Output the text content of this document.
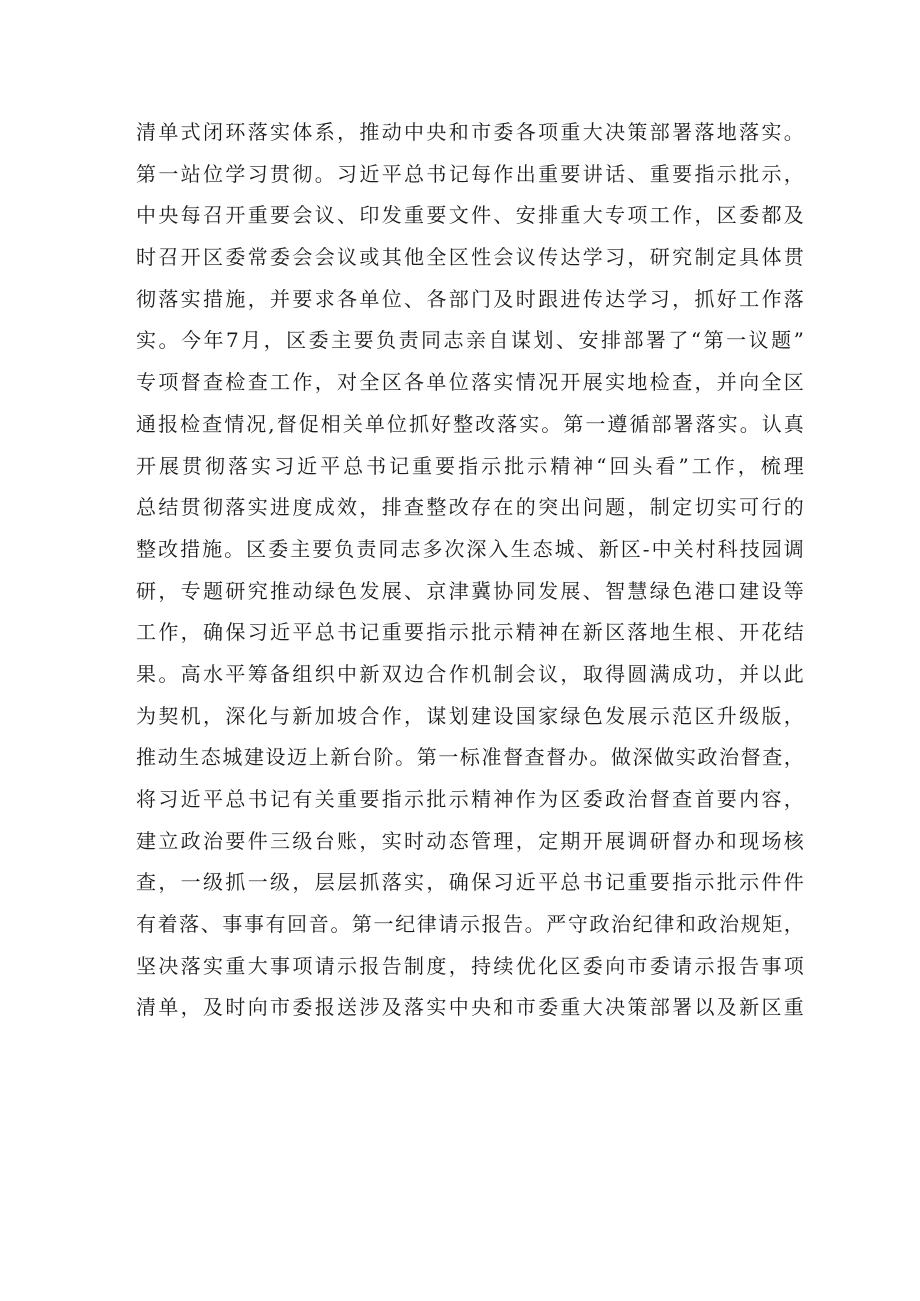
清单式闭环落实体系，推动中央和市委各项重大决策部署落地落实。
第一站位学习贯彻。习近平总书记每作出重要讲话、重要指示批示，
中央每召开重要会议、印发重要文件、安排重大专项工作，区委都及
时召开区委常委会会议或其他全区性会议传达学习，研究制定具体贯
彻落实措施，并要求各单位、各部门及时跟进传达学习，抓好工作落
实。今年7月，区委主要负责同志亲自谋划、安排部署了“第一议题”
专项督查检查工作，对全区各单位落实情况开展实地检查，并向全区
通报检查情况,督促相关单位抓好整改落实。第一遵循部署落实。认真
开展贯彻落实习近平总书记重要指示批示精神“回头看”工作，梳理
总结贯彻落实进度成效，排查整改存在的突出问题，制定切实可行的
整改措施。区委主要负责同志多次深入生态城、新区-中关村科技园调
研，专题研究推动绿色发展、京津冀协同发展、智慧绿色港口建设等
工作，确保习近平总书记重要指示批示精神在新区落地生根、开花结
果。高水平筹备组织中新双边合作机制会议，取得圆满成功，并以此
为契机，深化与新加坡合作，谋划建设国家绿色发展示范区升级版，
推动生态城建设迈上新台阶。第一标准督查督办。做深做实政治督查，
将习近平总书记有关重要指示批示精神作为区委政治督查首要内容，
建立政治要件三级台账，实时动态管理，定期开展调研督办和现场核
查，一级抓一级，层层抓落实，确保习近平总书记重要指示批示件件
有着落、事事有回音。第一纪律请示报告。严守政治纪律和政治规矩，
坚决落实重大事项请示报告制度，持续优化区委向市委请示报告事项
清单，及时向市委报送涉及落实中央和市委重大决策部署以及新区重
